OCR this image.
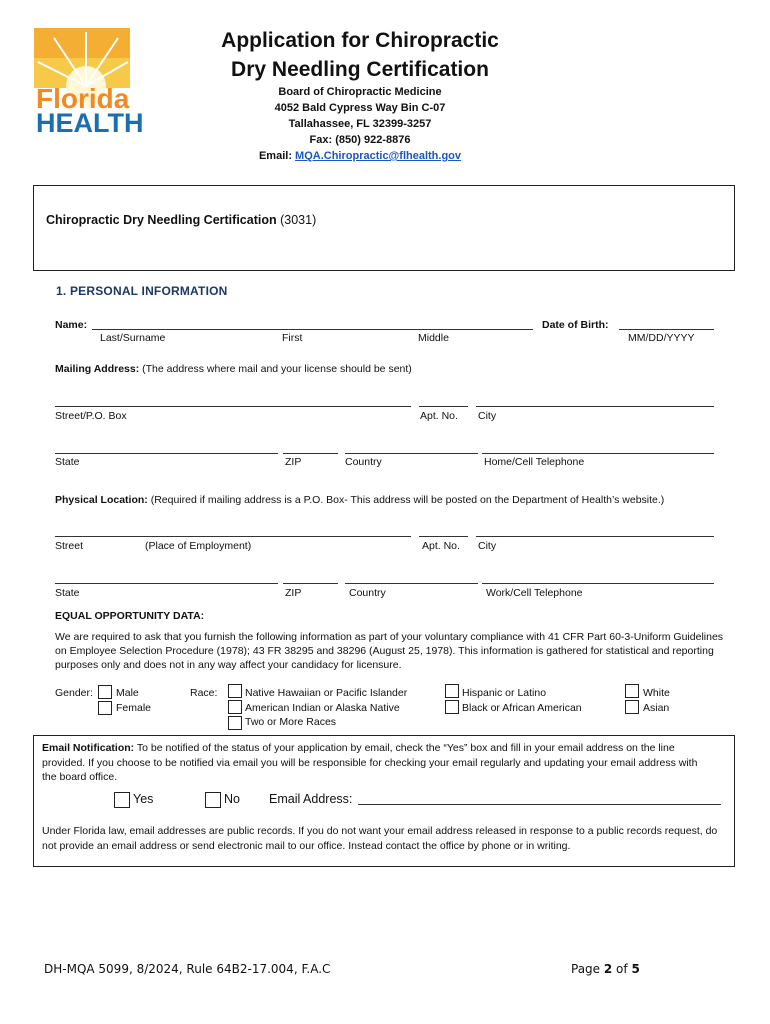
Florida
HEALTH
Application for Chiropractic
Dry Needling Certification
Board of Chiropractic Medicine
4052 Bald Cypress Way Bin C-07
Tallahassee, FL 32399-3257
Fax: (850) 922-8876
Email: MQA.Chiropractic@flhealth.gov
Chiropractic Dry Needling Certification (3031)
1. PERSONAL INFORMATION
Name:	Date of Birth:
Last/Surname	First	Middle	MM/DD/YYYY
Mailing Address: (The address where mail and your license should be sent)
Street/P.O. Box	Apt. No. City
State	ZIP	Country	Home/Cell Telephone
Physical Location: (Required if mailing address is a P.O. Box- This address will be posted on the Department of Health’s website.)
Street	(Place of Employment)	Apt. No. City
State	ZIP	Country	Work/Cell Telephone
EQUAL OPPORTUNITY DATA:
We are required to ask that you furnish the following information as part of your voluntary compliance with 41 CFR Part 60-3-Uniform Guidelines on Employee Selection Procedure (1978); 43 FR 38295 and 38296 (August 25, 1978). This information is gathered for statistical and reporting purposes only and does not in any way affect your candidacy for licensure.
Gender: Male
Female
Race:	Native Hawaiian or Pacific Islander
American Indian or Alaska Native
Two or More Races
Hispanic or Latino
Black or African American
White
Asian
Email Notification: To be notified of the status of your application by email, check the “Yes” box and fill in your email address on the line provided. If you choose to be notified via email you will be responsible for checking your email regularly and updating your email address with the board office.
Yes	No Email Address:
Under Florida law, email addresses are public records. If you do not want your email address released in response to a public records request, do not provide an email address or send electronic mail to our office. Instead contact the office by phone or in writing.
DH-MQA 5099, 8/2024, Rule 64B2-17.004, F.A.C	Page 2 of 5
